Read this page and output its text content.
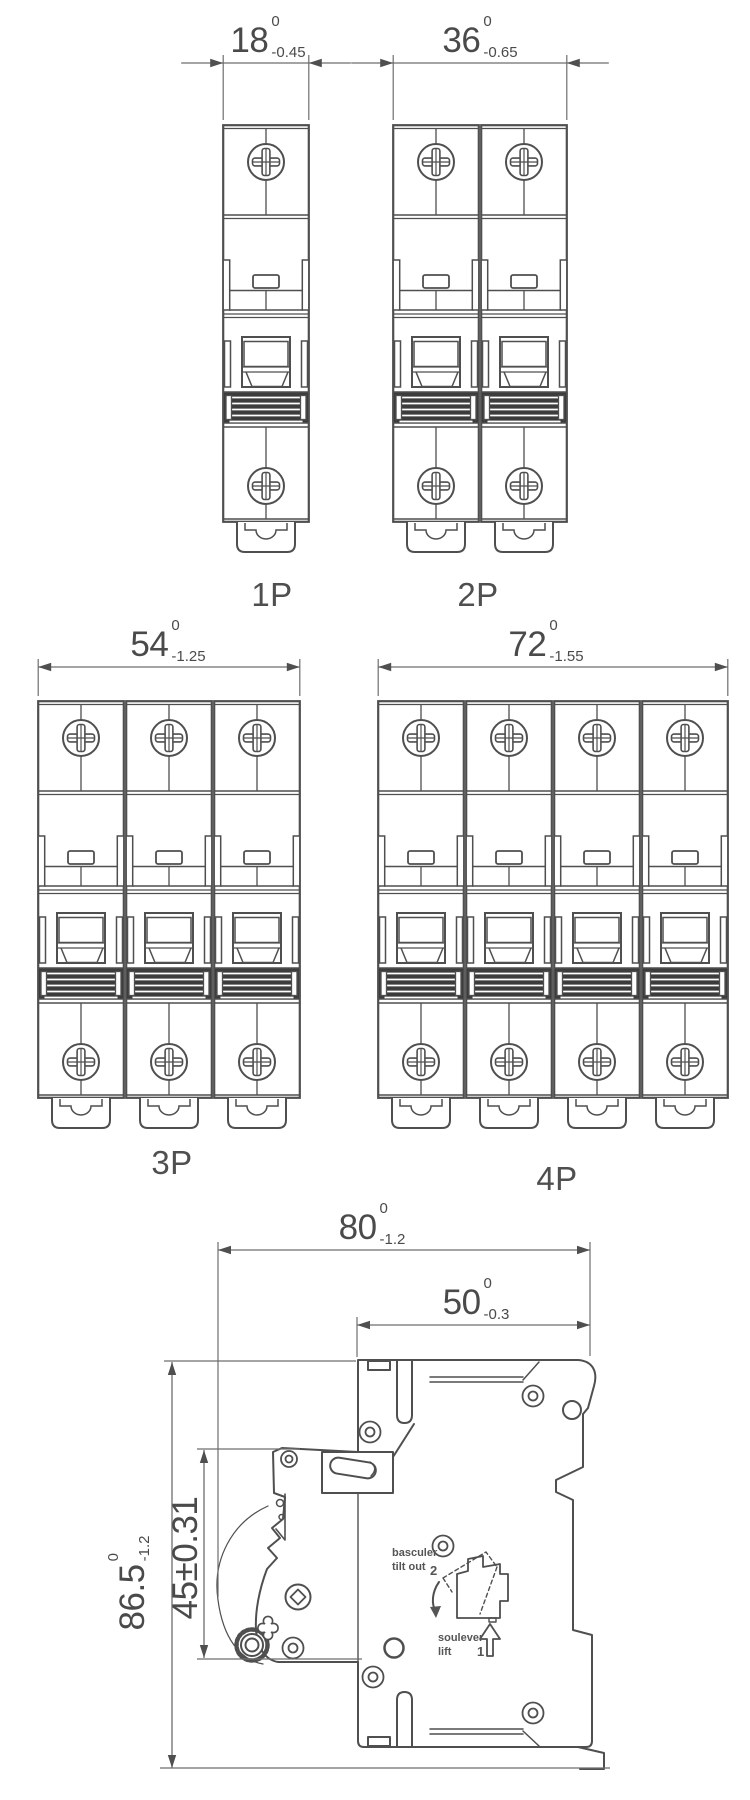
18 0
-0.45	36 0
-0.65
54 0
-1.25	72 0
-1.55
1P	2P
3P	4P
80 0
-1.2
50 0
-0.3
86.5
0 -1.2 45±0.31	basculer
tilt out
soulever
lift
2
1
